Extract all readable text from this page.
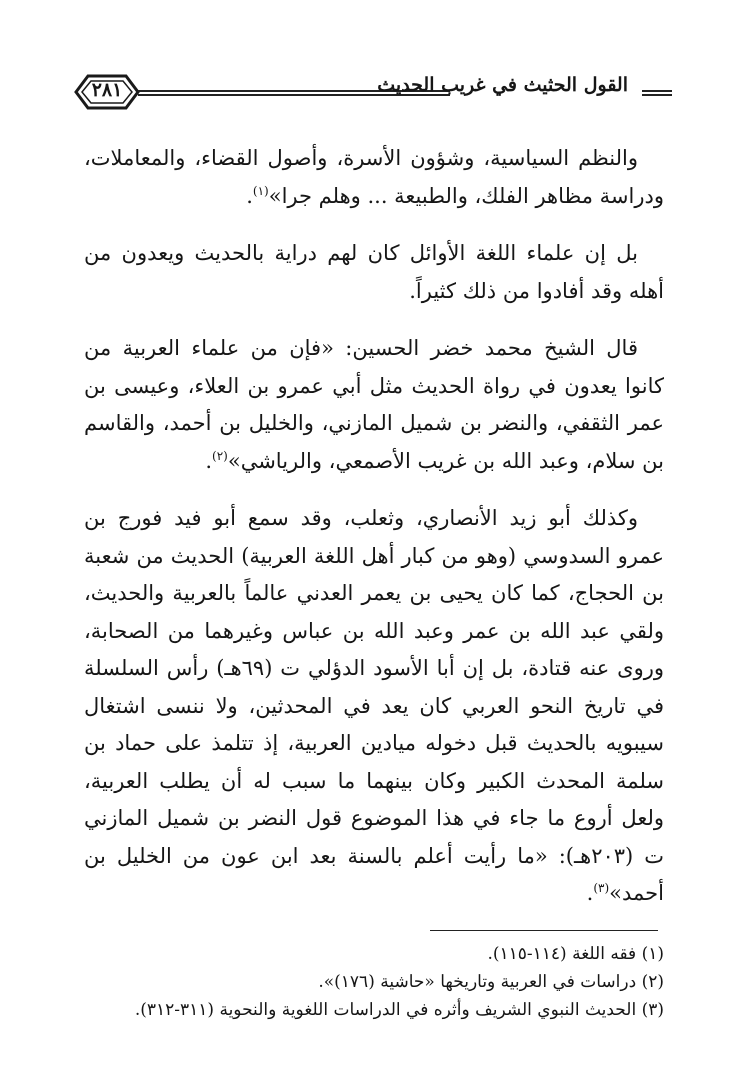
٢٨١	القول الحثيث في غريب الحديث

والنظم السياسية، وشؤون الأسرة، وأصول القضاء، والمعاملات، ودراسة مظاهر الفلك، والطبيعة ... وهلم جرا»$^{(١)}$.

بل إن علماء اللغة الأوائل كان لهم دراية بالحديث ويعدون من أهله وقد أفادوا من ذلك كثيراً.

قال الشيخ محمد خضر الحسين: «فإن من علماء العربية من كانوا يعدون في رواة الحديث مثل أبي عمرو بن العلاء، وعيسى بن عمر الثقفي، والنضر بن شميل المازني، والخليل بن أحمد، والقاسم بن سلام، وعبد الله بن غريب الأصمعي، والرياشي»$^{(٢)}$.

وكذلك أبو زيد الأنصاري، وثعلب، وقد سمع أبو فيد فورج بن عمرو السدوسي (وهو من كبار أهل اللغة العربية) الحديث من شعبة بن الحجاج، كما كان يحيى بن يعمر العدني عالماً بالعربية والحديث، ولقي عبد الله بن عمر وعبد الله بن عباس وغيرهما من الصحابة، وروى عنه قتادة، بل إن أبا الأسود الدؤلي ت (٦٩هـ) رأس السلسلة في تاريخ النحو العربي كان يعد في المحدثين، ولا ننسى اشتغال سيبويه بالحديث قبل دخوله ميادين العربية، إذ تتلمذ على حماد بن سلمة المحدث الكبير وكان بينهما ما سبب له أن يطلب العربية، ولعل أروع ما جاء في هذا الموضوع قول النضر بن شميل المازني ت (٢٠٣هـ): «ما رأيت أعلم بالسنة بعد ابن عون من الخليل بن أحمد»$^{(٣)}$.

(١) فقه اللغة (١١٤-١١٥).

(٢) دراسات في العربية وتاريخها «حاشية (١٧٦)».

(٣) الحديث النبوي الشريف وأثره في الدراسات اللغوية والنحوية (٣١١-٣١٢).
